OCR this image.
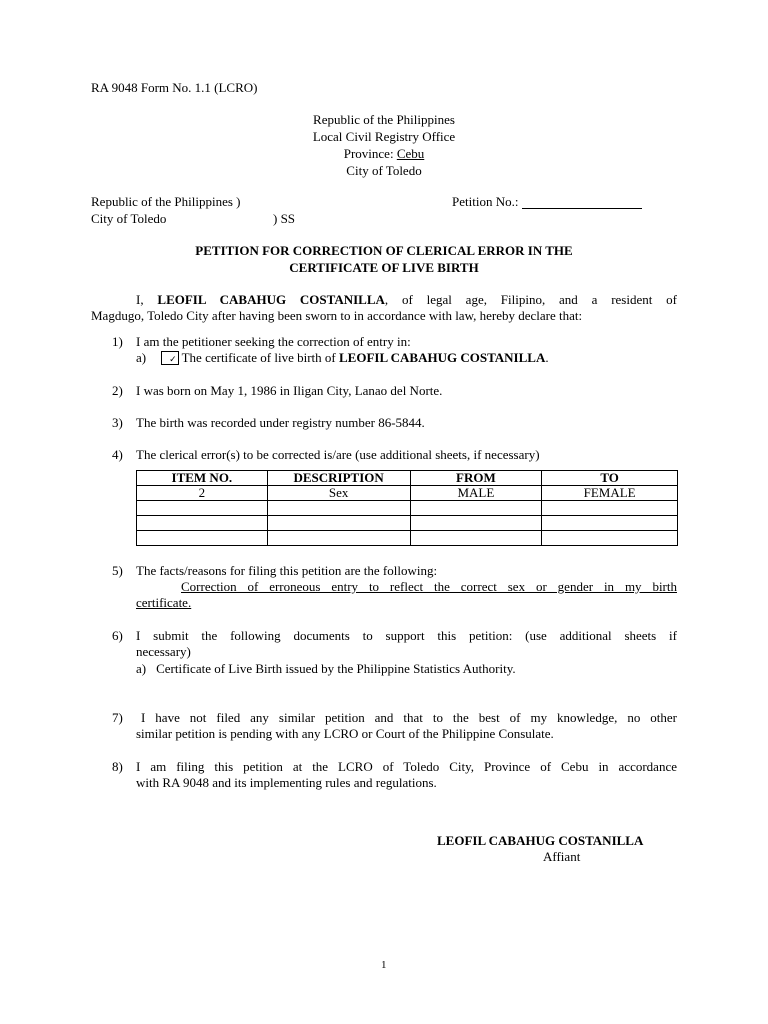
RA 9048 Form No. 1.1 (LCRO)
Republic of the Philippines
Local Civil Registry Office
Province: Cebu
City of Toledo
Republic of the Philippines )
City of Toledo	) SS
Petition No.:
PETITION FOR CORRECTION OF CLERICAL ERROR IN THE
CERTIFICATE OF LIVE BIRTH
I, LEOFIL CABAHUG COSTANILLA, of legal age, Filipino, and a resident of
Magdugo, Toledo City after having been sworn to in accordance with law, hereby declare that:
1) I am the petitioner seeking the correction of entry in:
a)	✓ The certificate of live birth of LEOFIL CABAHUG COSTANILLA.
2) I was born on May 1, 1986 in Iligan City, Lanao del Norte.
3) The birth was recorded under registry number 86-5844.
4) The clerical error(s) to be corrected is/are (use additional sheets, if necessary)
ITEM NO.	DESCRIPTION	FROM	TO
2	Sex	MALE	FEMALE

5) The facts/reasons for filing this petition are the following:
Correction of erroneous entry to reflect the correct sex or gender in my birth
certificate.
6) I submit the following documents to support this petition: (use additional sheets if
necessary)
a) Certificate of Live Birth issued by the Philippine Statistics Authority.
7) I have not filed any similar petition and that to the best of my knowledge, no other
similar petition is pending with any LCRO or Court of the Philippine Consulate.
8) I am filing this petition at the LCRO of Toledo City, Province of Cebu in accordance
with RA 9048 and its implementing rules and regulations.
LEOFIL CABAHUG COSTANILLA
Affiant
1
